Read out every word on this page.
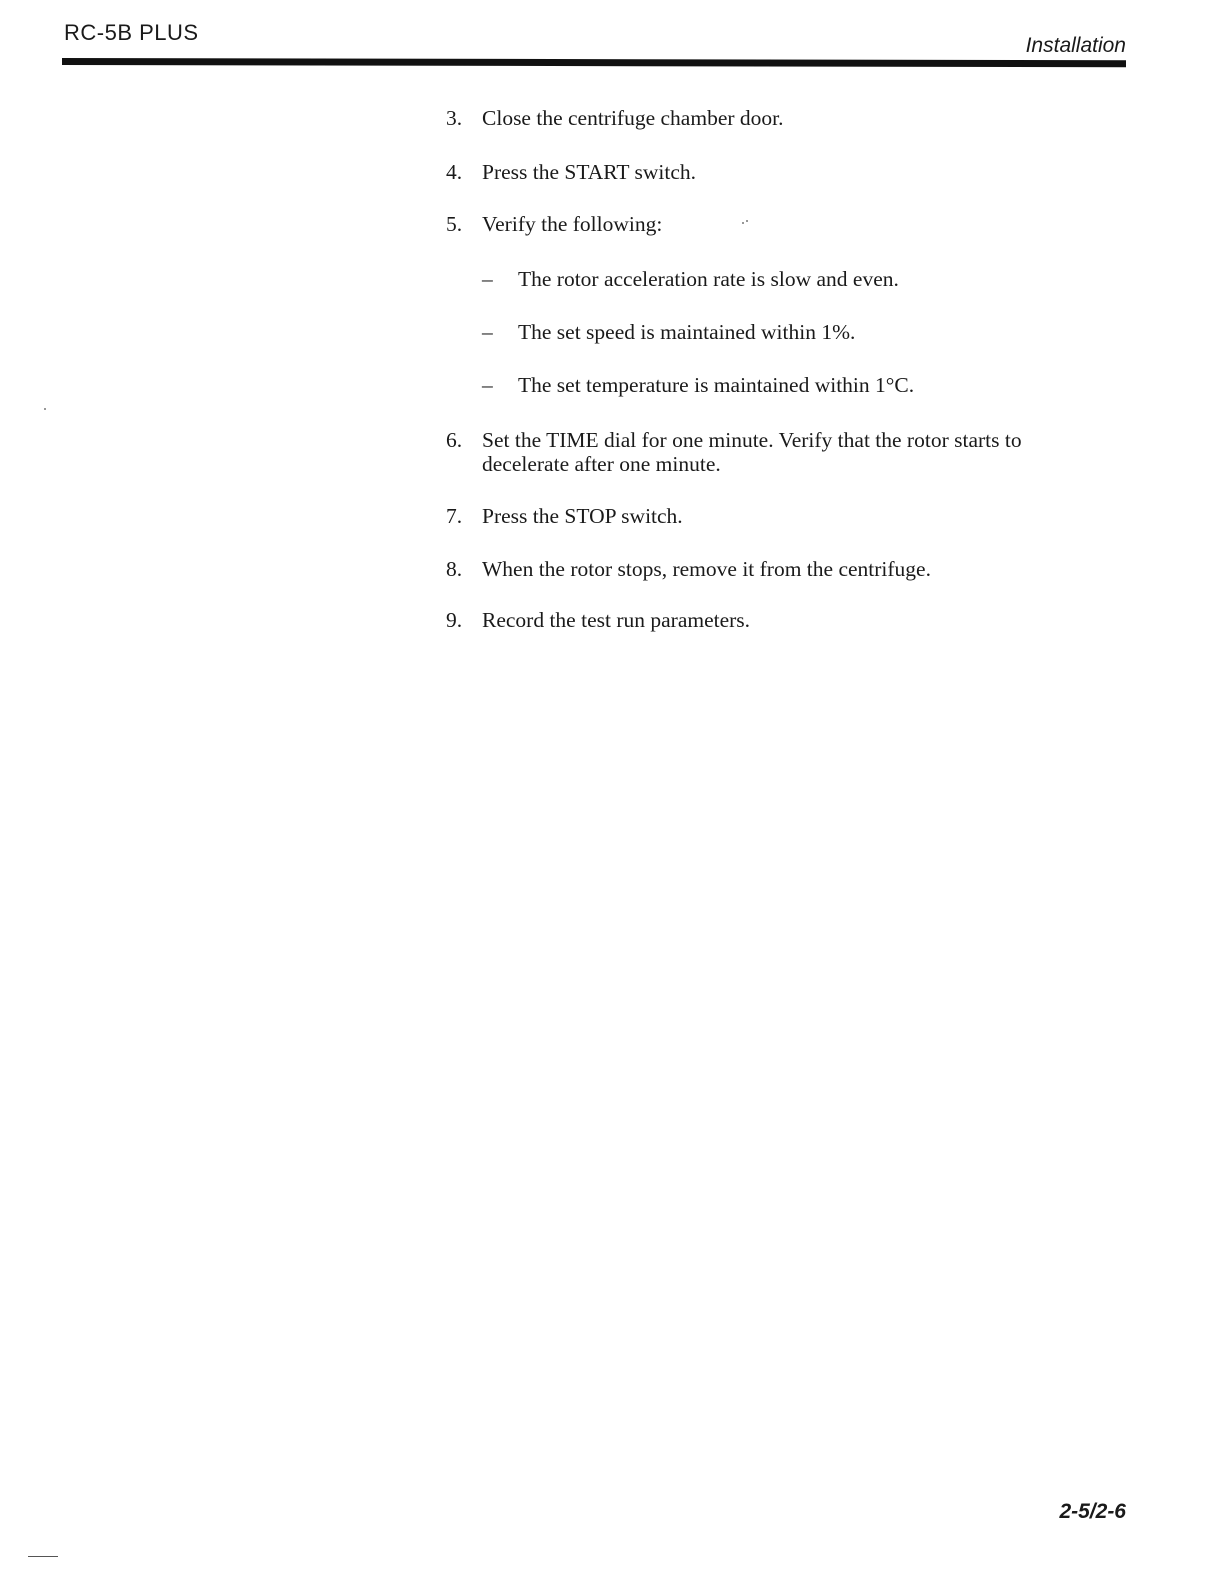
RC-5B PLUS
Installation
3. Close the centrifuge chamber door.
4. Press the START switch.
5. Verify the following:
–	The rotor acceleration rate is slow and even.
–	The set speed is maintained within 1%.
–	The set temperature is maintained within 1°C.
6. Set the TIME dial for one minute. Verify that the rotor starts to decelerate after one minute.
7. Press the STOP switch.
8. When the rotor stops, remove it from the centrifuge.
9. Record the test run parameters.
2-5/2-6
